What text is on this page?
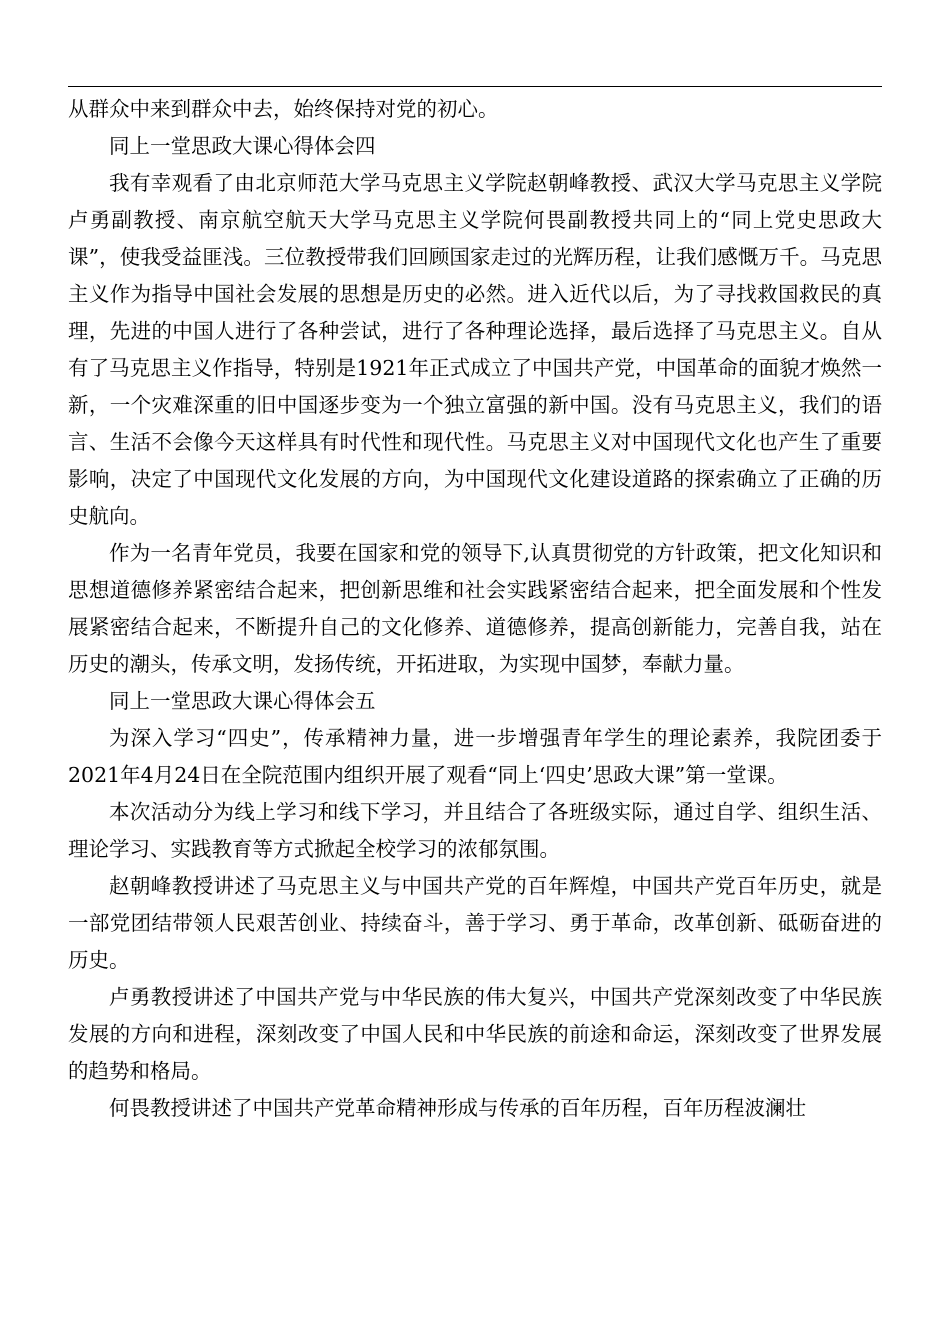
从群众中来到群众中去，始终保持对党的初心。

同上一堂思政大课心得体会四

我有幸观看了由北京师范大学马克思主义学院赵朝峰教授、武汉大学马克思主义学院卢勇副教授、南京航空航天大学马克思主义学院何畏副教授共同上的“同上党史思政大课”，使我受益匪浅。三位教授带我们回顾国家走过的光辉历程，让我们感慨万千。马克思主义作为指导中国社会发展的思想是历史的必然。进入近代以后，为了寻找救国救民的真理，先进的中国人进行了各种尝试，进行了各种理论选择，最后选择了马克思主义。自从有了马克思主义作指导，特别是1921年正式成立了中国共产党，中国革命的面貌才焕然一新，一个灾难深重的旧中国逐步变为一个独立富强的新中国。没有马克思主义，我们的语言、生活不会像今天这样具有时代性和现代性。马克思主义对中国现代文化也产生了重要影响，决定了中国现代文化发展的方向，为中国现代文化建设道路的探索确立了正确的历史航向。

作为一名青年党员，我要在国家和党的领导下,认真贯彻党的方针政策，把文化知识和思想道德修养紧密结合起来，把创新思维和社会实践紧密结合起来，把全面发展和个性发展紧密结合起来，不断提升自己的文化修养、道德修养，提高创新能力，完善自我，站在历史的潮头，传承文明，发扬传统，开拓进取，为实现中国梦，奉献力量。

同上一堂思政大课心得体会五

为深入学习“四史”，传承精神力量，进一步增强青年学生的理论素养，我院团委于2021年4月24日在全院范围内组织开展了观看“同上‘四史’思政大课”第一堂课。

本次活动分为线上学习和线下学习，并且结合了各班级实际，通过自学、组织生活、理论学习、实践教育等方式掀起全校学习的浓郁氛围。

赵朝峰教授讲述了马克思主义与中国共产党的百年辉煌，中国共产党百年历史，就是一部党团结带领人民艰苦创业、持续奋斗，善于学习、勇于革命，改革创新、砥砺奋进的历史。

卢勇教授讲述了中国共产党与中华民族的伟大复兴，中国共产党深刻改变了中华民族发展的方向和进程，深刻改变了中国人民和中华民族的前途和命运，深刻改变了世界发展的趋势和格局。

何畏教授讲述了中国共产党革命精神形成与传承的百年历程，百年历程波澜壮
